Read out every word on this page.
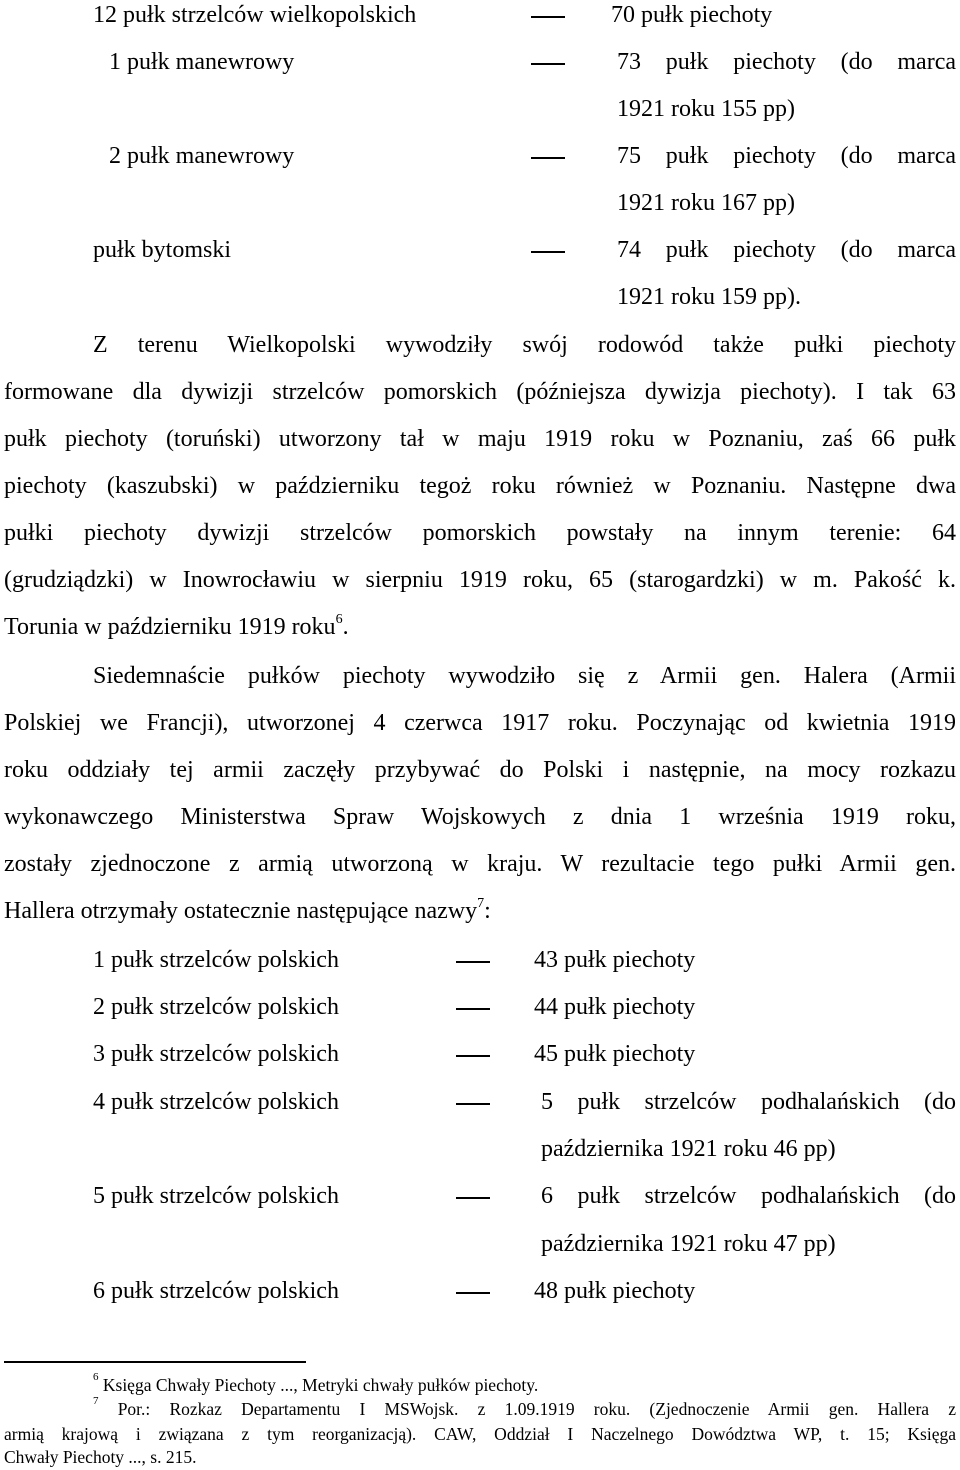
12 pułk strzelców wielkopolskich	70 pułk piechoty
1 pułk manewrowy	73 pułk piechoty (do marca
1921 roku 155 pp)
2 pułk manewrowy	75 pułk piechoty (do marca
1921 roku 167 pp)
pułk bytomski	74 pułk piechoty (do marca
1921 roku 159 pp).
Z terenu Wielkopolski wywodziły swój rodowód także pułki piechoty
formowane dla dywizji strzelców pomorskich (późniejsza dywizja piechoty). I tak 63
pułk piechoty (toruński) utworzony tał w maju 1919 roku w Poznaniu, zaś 66 pułk
piechoty (kaszubski) w październiku tegoż roku również w Poznaniu. Następne dwa
pułki piechoty dywizji strzelców pomorskich powstały na innym terenie: 64
(grudziądzki) w Inowrocławiu w sierpniu 1919 roku, 65 (starogardzki) w m. Pakość k.
Torunia w październiku 1919 roku$^6$.
Siedemnaście pułków piechoty wywodziło się z Armii gen. Halera (Armii
Polskiej we Francji), utworzonej 4 czerwca 1917 roku. Poczynając od kwietnia 1919
roku oddziały tej armii zaczęły przybywać do Polski i następnie, na mocy rozkazu
wykonawczego Ministerstwa Spraw Wojskowych z dnia 1 września 1919 roku,
zostały zjednoczone z armią utworzoną w kraju. W rezultacie tego pułki Armii gen.
Hallera otrzymały ostatecznie następujące nazwy$^7$:
1 pułk strzelców polskich	43 pułk piechoty
2 pułk strzelców polskich	44 pułk piechoty
3 pułk strzelców polskich	45 pułk piechoty
4 pułk strzelców polskich	5 pułk strzelców podhalańskich (do
października 1921 roku 46 pp)
5 pułk strzelców polskich	6 pułk strzelców podhalańskich (do
października 1921 roku 47 pp)
6 pułk strzelców polskich	48 pułk piechoty
$^6$ Księga Chwały Piechoty ..., Metryki chwały pułków piechoty.
$^7$ Por.: Rozkaz Departamentu I MSWojsk. z 1.09.1919 roku. (Zjednoczenie Armii gen. Hallera z
armią krajową i związana z tym reorganizacją). CAW, Oddział I Naczelnego Dowództwa WP, t. 15; Księga
Chwały Piechoty ..., s. 215.
